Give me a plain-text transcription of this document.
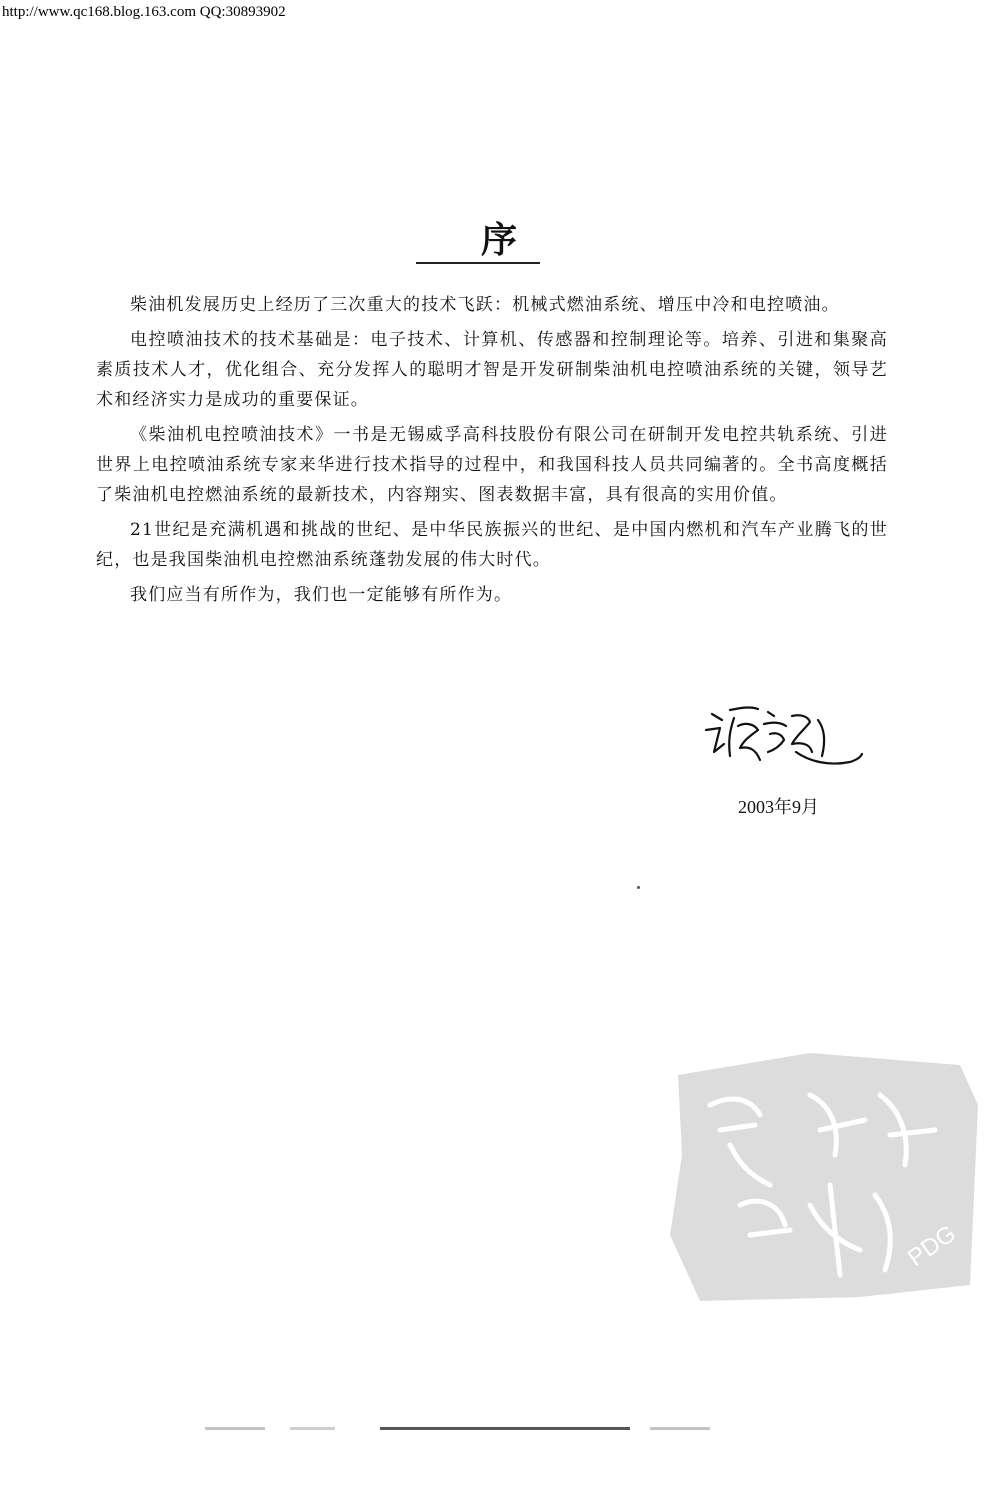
http://www.qc168.blog.163.com QQ:30893902
序

柴油机发展历史上经历了三次重大的技术飞跃：机械式燃油系统、增压中冷和电控喷油。

电控喷油技术的技术基础是：电子技术、计算机、传感器和控制理论等。培养、引进和集聚高素质技术人才，优化组合、充分发挥人的聪明才智是开发研制柴油机电控喷油系统的关键，领导艺术和经济实力是成功的重要保证。

《柴油机电控喷油技术》一书是无锡威孚高科技股份有限公司在研制开发电控共轨系统、引进世界上电控喷油系统专家来华进行技术指导的过程中，和我国科技人员共同编著的。全书高度概括了柴油机电控燃油系统的最新技术，内容翔实、图表数据丰富，具有很高的实用价值。

21世纪是充满机遇和挑战的世纪、是中华民族振兴的世纪、是中国内燃机和汽车产业腾飞的世纪，也是我国柴油机电控燃油系统蓬勃发展的伟大时代。

我们应当有所作为，我们也一定能够有所作为。

2003年9月
PDG
